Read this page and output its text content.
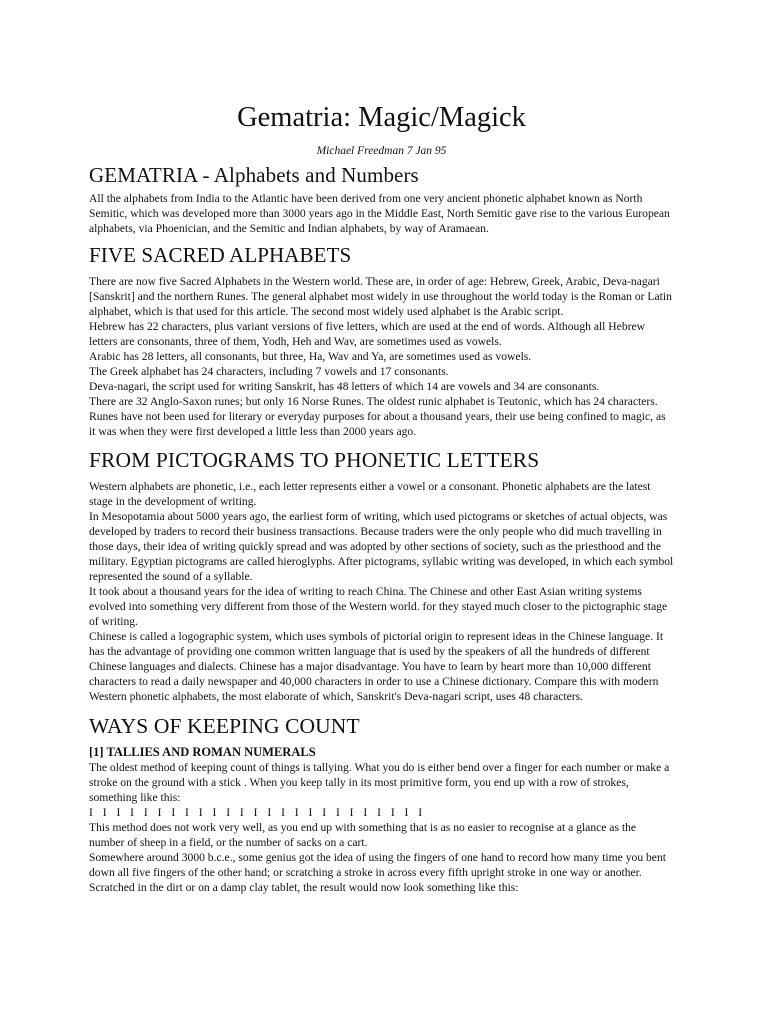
Gematria: Magic/Magick

Michael Freedman 7 Jan 95

GEMATRIA - Alphabets and Numbers

All the alphabets from India to the Atlantic have been derived from one very ancient phonetic alphabet known as North Semitic, which was developed more than 3000 years ago in the Middle East, North Semitic gave rise to the various European alphabets, via Phoenician, and the Semitic and Indian alphabets, by way of Aramaean.

FIVE SACRED ALPHABETS

There are now five Sacred Alphabets in the Western world. These are, in order of age: Hebrew, Greek, Arabic, Deva-nagari [Sanskrit] and the northern Runes. The general alphabet most widely in use throughout the world today is the Roman or Latin alphabet, which is that used for this article. The second most widely used alphabet is the Arabic script.

Hebrew has 22 characters, plus variant versions of five letters, which are used at the end of words. Although all Hebrew letters are consonants, three of them, Yodh, Heh and Wav, are sometimes used as vowels.

Arabic has 28 letters, all consonants, but three, Ha, Wav and Ya, are sometimes used as vowels.

The Greek alphabet has 24 characters, including 7 vowels and 17 consonants.

Deva-nagari, the script used for writing Sanskrit, has 48 letters of which 14 are vowels and 34 are consonants.

There are 32 Anglo-Saxon runes; but only 16 Norse Runes. The oldest runic alphabet is Teutonic, which has 24 characters. Runes have not been used for literary or everyday purposes for about a thousand years, their use being confined to magic, as it was when they were first developed a little less than 2000 years ago.

FROM PICTOGRAMS TO PHONETIC LETTERS

Western alphabets are phonetic, i.e., each letter represents either a vowel or a consonant. Phonetic alphabets are the latest stage in the development of writing.

In Mesopotamia about 5000 years ago, the earliest form of writing, which used pictograms or sketches of actual objects, was developed by traders to record their business transactions. Because traders were the only people who did much travelling in those days, their idea of writing quickly spread and was adopted by other sections of society, such as the priesthood and the military. Egyptian pictograms are called hieroglyphs. After pictograms, syllabic writing was developed, in which each symbol represented the sound of a syllable.

It took about a thousand years for the idea of writing to reach China. The Chinese and other East Asian writing systems evolved into something very different from those of the Western world. for they stayed much closer to the pictographic stage of writing.

Chinese is called a logographic system, which uses symbols of pictorial origin to represent ideas in the Chinese language. It has the advantage of providing one common written language that is used by the speakers of all the hundreds of different Chinese languages and dialects. Chinese has a major disadvantage. You have to learn by heart more than 10,000 different characters to read a daily newspaper and 40,000 characters in order to use a Chinese dictionary. Compare this with modern Western phonetic alphabets, the most elaborate of which, Sanskrit's Deva-nagari script, uses 48 characters.

WAYS OF KEEPING COUNT
[1] TALLIES AND ROMAN NUMERALS

The oldest method of keeping count of things is tallying. What you do is either bend over a finger for each number or make a stroke on the ground with a stick . When you keep tally in its most primitive form, you end up with a row of strokes, something like this:

I I I I I I I I I I I I I I I I I I I I I I I I I

This method does not work very well, as you end up with something that is as no easier to recognise at a glance as the number of sheep in a field, or the number of sacks on a cart.

Somewhere around 3000 b.c.e., some genius got the idea of using the fingers of one hand to record how many time you bent down all five fingers of the other hand; or scratching a stroke in across every fifth upright stroke in one way or another. Scratched in the dirt or on a damp clay tablet, the result would now look something like this:
